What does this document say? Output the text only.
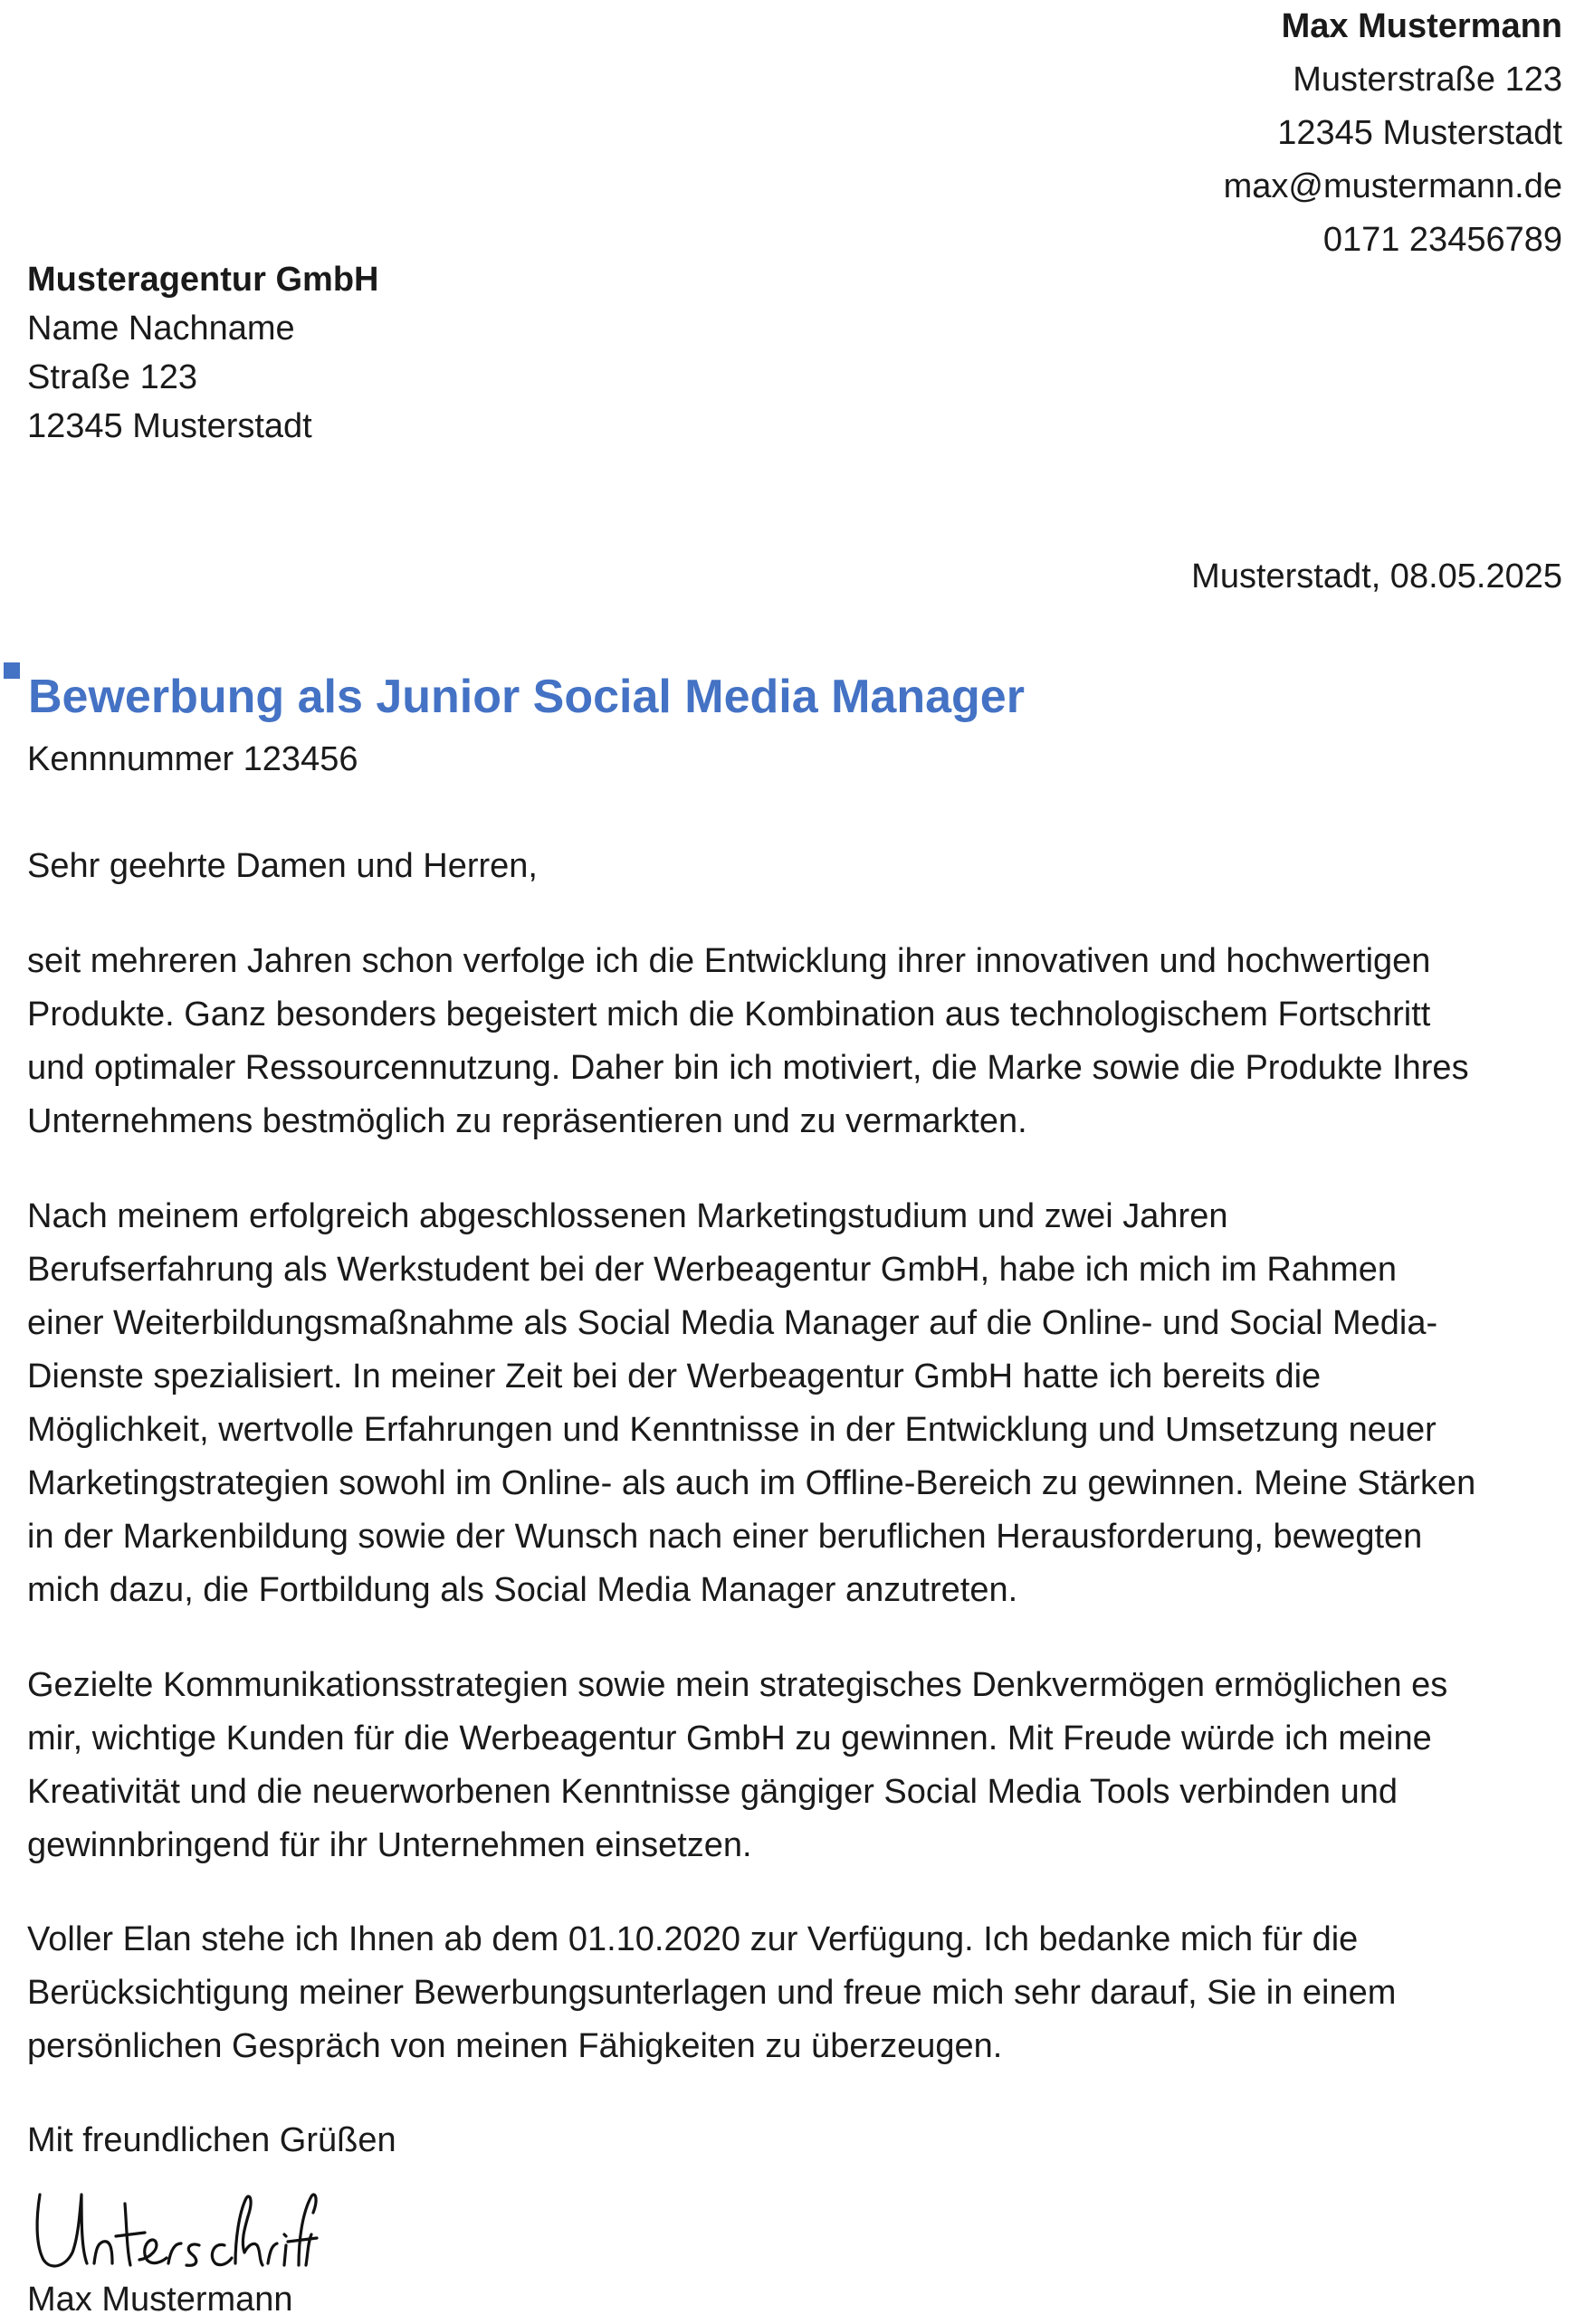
Max Mustermann
Musterstraße 123
12345 Musterstadt
max@mustermann.de
0171 23456789
Musteragentur GmbH
Name Nachname
Straße 123
12345 Musterstadt
Musterstadt, 08.05.2025
Bewerbung als Junior Social Media Manager
Kennnummer 123456
Sehr geehrte Damen und Herren,

seit mehreren Jahren schon verfolge ich die Entwicklung ihrer innovativen und hochwertigen

Produkte. Ganz besonders begeistert mich die Kombination aus technologischem Fortschritt

und optimaler Ressourcennutzung. Daher bin ich motiviert, die Marke sowie die Produkte Ihres

Unternehmens bestmöglich zu repräsentieren und zu vermarkten.

Nach meinem erfolgreich abgeschlossenen Marketingstudium und zwei Jahren

Berufserfahrung als Werkstudent bei der Werbeagentur GmbH, habe ich mich im Rahmen

einer Weiterbildungsmaßnahme als Social Media Manager auf die Online- und Social Media-

Dienste spezialisiert. In meiner Zeit bei der Werbeagentur GmbH hatte ich bereits die

Möglichkeit, wertvolle Erfahrungen und Kenntnisse in der Entwicklung und Umsetzung neuer

Marketingstrategien sowohl im Online- als auch im Offline-Bereich zu gewinnen. Meine Stärken

in der Markenbildung sowie der Wunsch nach einer beruflichen Herausforderung, bewegten

mich dazu, die Fortbildung als Social Media Manager anzutreten.

Gezielte Kommunikationsstrategien sowie mein strategisches Denkvermögen ermöglichen es

mir, wichtige Kunden für die Werbeagentur GmbH zu gewinnen. Mit Freude würde ich meine

Kreativität und die neuerworbenen Kenntnisse gängiger Social Media Tools verbinden und

gewinnbringend für ihr Unternehmen einsetzen.

Voller Elan stehe ich Ihnen ab dem 01.10.2020 zur Verfügung. Ich bedanke mich für die

Berücksichtigung meiner Bewerbungsunterlagen und freue mich sehr darauf, Sie in einem

persönlichen Gespräch von meinen Fähigkeiten zu überzeugen.

Mit freundlichen Grüßen
Max Mustermann
